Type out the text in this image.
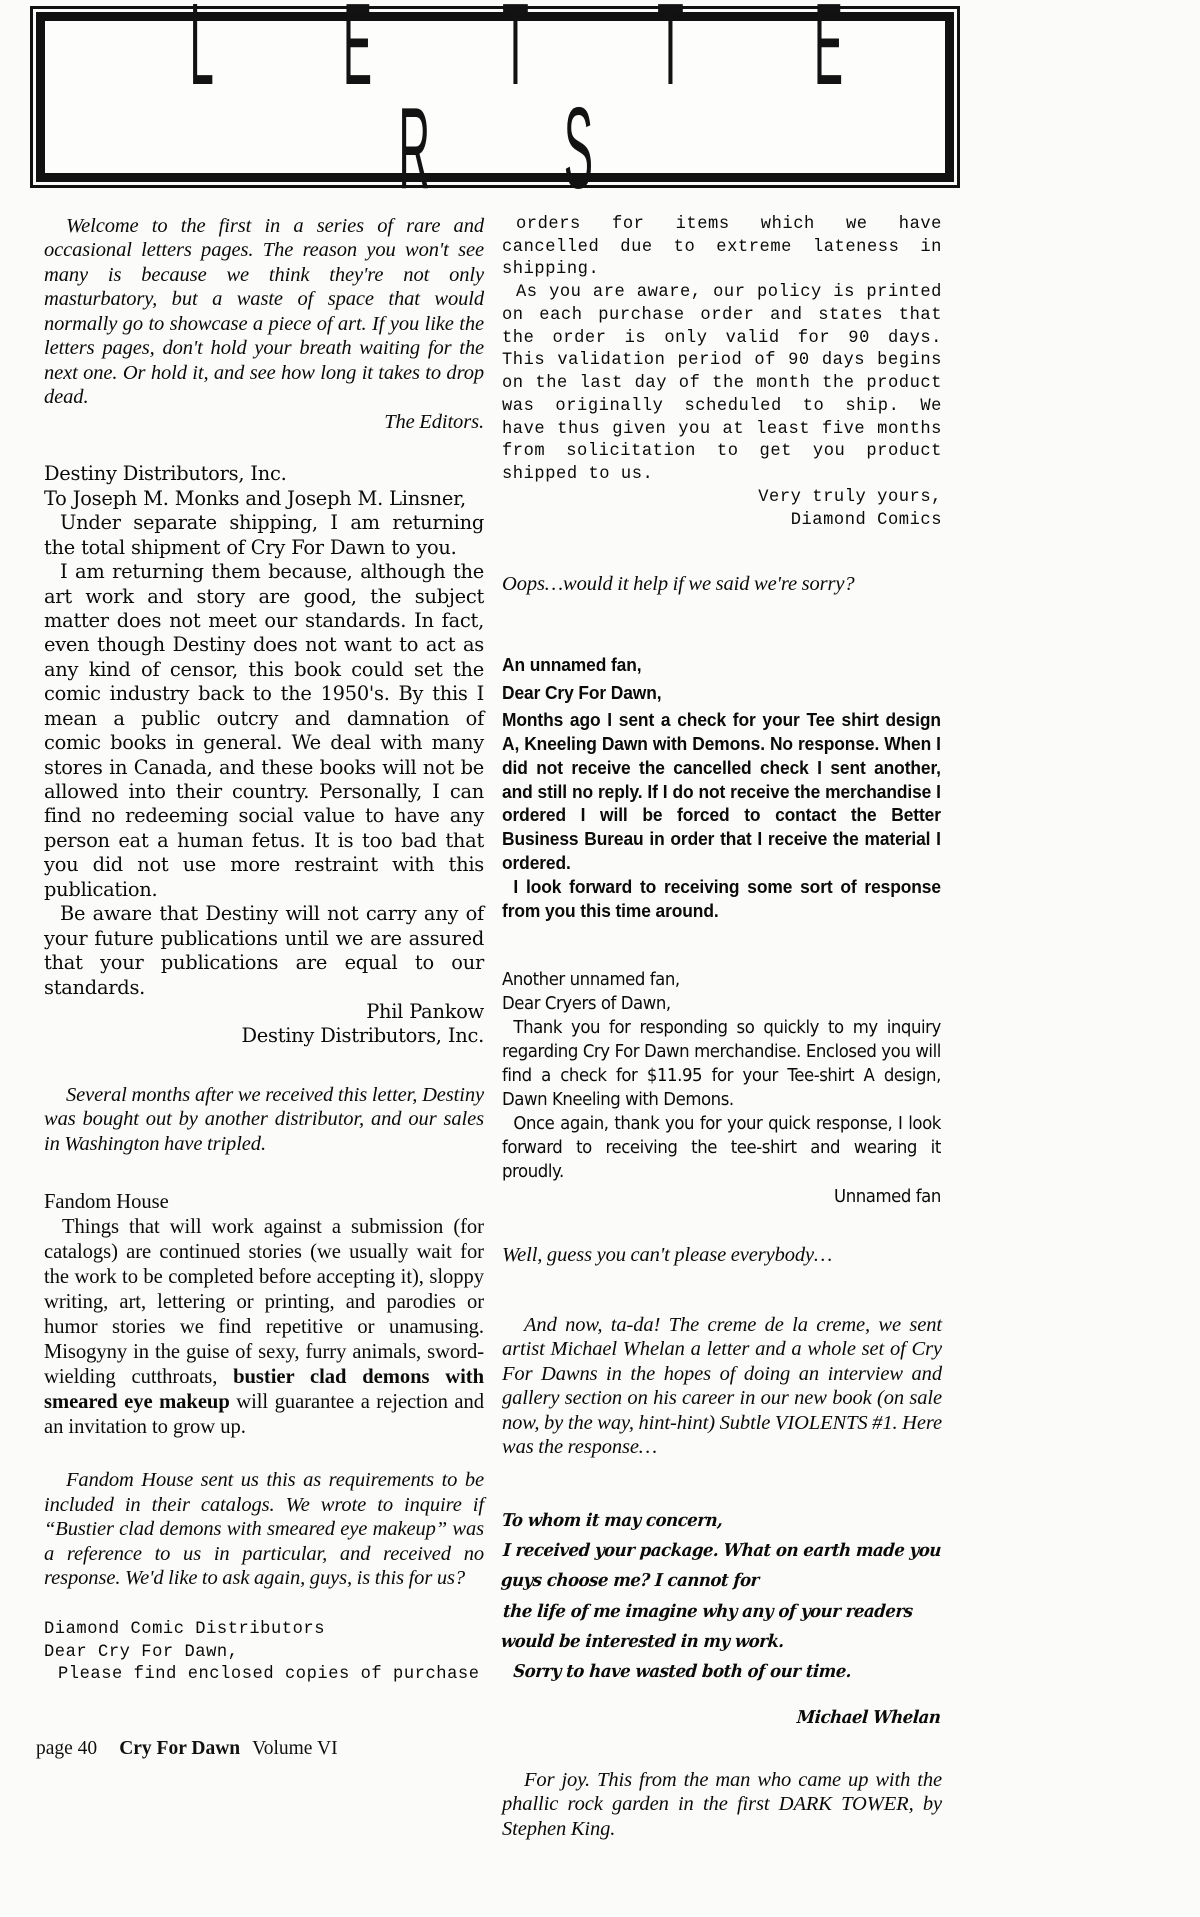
L E T T ER S

Welcome to the first in a series of rare and occasional letters pages. The reason you won't see many is because we think they're not only masturbatory, but a waste of space that would normally go to showcase a piece of art. If you like the letters pages, don't hold your breath waiting for the next one. Or hold it, and see how long it takes to drop dead.

The Editors.

Destiny Distributors, Inc.

To Joseph M. Monks and Joseph M. Linsner,

Under separate shipping, I am returning the total shipment of Cry For Dawn to you.

I am returning them because, although the art work and story are good, the subject matter does not meet our standards. In fact, even though Destiny does not want to act as any kind of censor, this book could set the comic industry back to the 1950's. By this I mean a public outcry and damnation of comic books in general. We deal with many stores in Canada, and these books will not be allowed into their country. Personally, I can find no redeeming social value to have any person eat a human fetus. It is too bad that you did not use more restraint with this publication.

Be aware that Destiny will not carry any of your future publications until we are assured that your publications are equal to our standards.

Phil Pankow

Destiny Distributors, Inc.

Several months after we received this letter, Destiny was bought out by another distributor, and our sales in Washington have tripled.

Fandom House

Things that will work against a submission (for catalogs) are continued stories (we usually wait for the work to be completed before accepting it), sloppy writing, art, lettering or printing, and parodies or humor stories we find repetitive or unamusing. Misogyny in the guise of sexy, furry animals, sword-wielding cutthroats, bustier clad demons with smeared eye makeup will guarantee a rejection and an invitation to grow up.

Fandom House sent us this as requirements to be included in their catalogs. We wrote to inquire if “Bustier clad demons with smeared eye makeup” was a reference to us in particular, and received no response. We'd like to ask again, guys, is this for us?

Diamond Comic Distributors

Dear Cry For Dawn,

Please find enclosed copies of purchase

orders for items which we have cancelled due to extreme lateness in shipping.

As you are aware, our policy is printed on each purchase order and states that the order is only valid for 90 days. This validation period of 90 days begins on the last day of the month the product was originally scheduled to ship. We have thus given you at least five months from solicitation to get you product shipped to us.

Very truly yours,

Diamond Comics

Oops…would it help if we said we're sorry?

An unnamed fan,

Dear Cry For Dawn,

Months ago I sent a check for your Tee shirt design A, Kneeling Dawn with Demons. No response. When I did not receive the cancelled check I sent another, and still no reply. If I do not receive the merchandise I ordered I will be forced to contact the Better Business Bureau in order that I receive the material I ordered.

I look forward to receiving some sort of response from you this time around.

Another unnamed fan,

Dear Cryers of Dawn,

Thank you for responding so quickly to my inquiry regarding Cry For Dawn merchandise. Enclosed you will find a check for $11.95 for your Tee-shirt A design, Dawn Kneeling with Demons.

Once again, thank you for your quick response, I look forward to receiving the tee-shirt and wearing it proudly.

Unnamed fan

Well, guess you can't please everybody…

And now, ta-da! The creme de la creme, we sent artist Michael Whelan a letter and a whole set of Cry For Dawns in the hopes of doing an interview and gallery section on his career in our new book (on sale now, by the way, hint-hint) Subtle VIOLENTS #1. Here was the response…

To whom it may concern,

I received your package. What on earth made you guys choose me? I cannot for

the life of me imagine why any of your readers would be interested in my work.

Sorry to have wasted both of our time.

Michael Whelan

For joy. This from the man who came up with the phallic rock garden in the first DARK TOWER, by Stephen King.

page 40 Cry For Dawn Volume VI
